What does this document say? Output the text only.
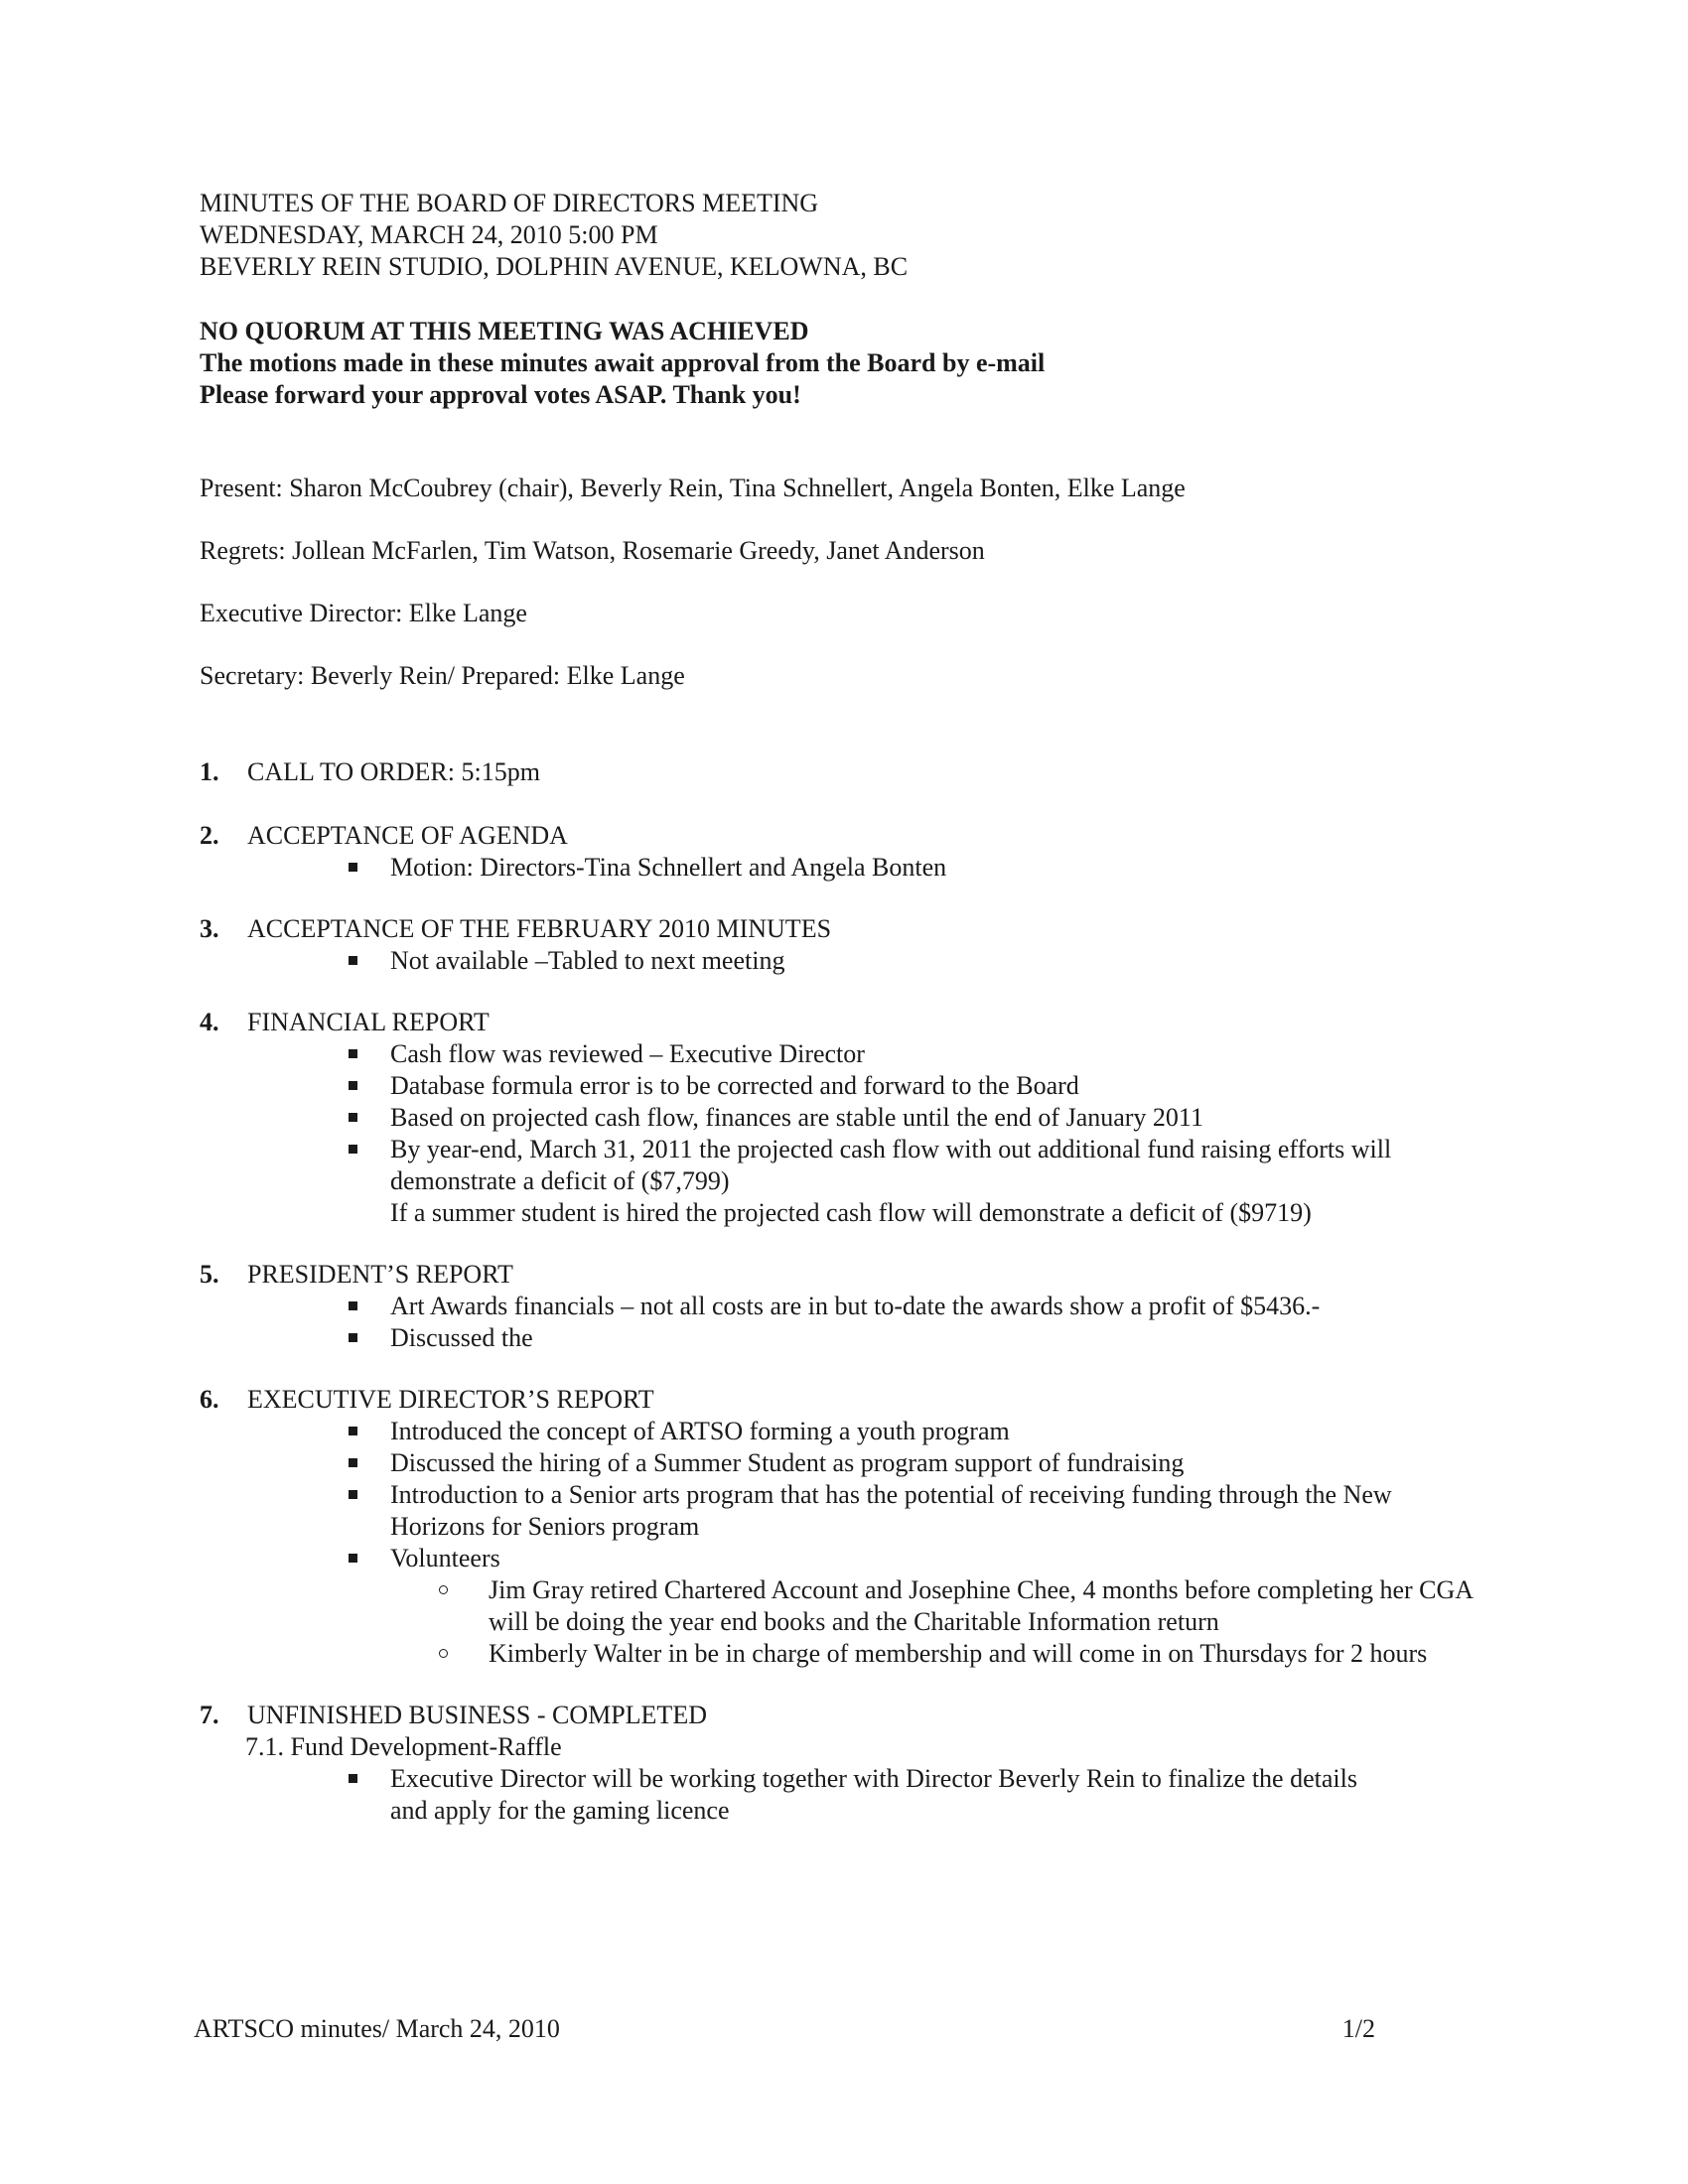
MINUTES OF THE BOARD OF DIRECTORS MEETING
WEDNESDAY, MARCH 24, 2010 5:00 PM
BEVERLY REIN STUDIO, DOLPHIN AVENUE, KELOWNA, BC
NO QUORUM AT THIS MEETING WAS ACHIEVED
The motions made in these minutes await approval from the Board by e-mail
Please forward your approval votes ASAP. Thank you!
Present: Sharon McCoubrey (chair), Beverly Rein, Tina Schnellert, Angela Bonten, Elke Lange
Regrets: Jollean McFarlen, Tim Watson, Rosemarie Greedy, Janet Anderson
Executive Director: Elke Lange
Secretary: Beverly Rein/ Prepared: Elke Lange
1.	CALL TO ORDER: 5:15pm
2.	ACCEPTANCE OF AGENDA
Motion: Directors-Tina Schnellert and Angela Bonten
3.	ACCEPTANCE OF THE FEBRUARY 2010 MINUTES
Not available –Tabled to next meeting
4.	FINANCIAL REPORT
Cash flow was reviewed – Executive Director
Database formula error is to be corrected and forward to the Board
Based on projected cash flow, finances are stable until the end of January 2011
By year-end, March 31, 2011 the projected cash flow with out additional fund raising efforts will demonstrate a deficit of ($7,799)
If a summer student is hired the projected cash flow will demonstrate a deficit of ($9719)
5.	PRESIDENT’S REPORT
Art Awards financials – not all costs are in but to-date the awards show a profit of $5436.-
Discussed the
6.	EXECUTIVE DIRECTOR’S REPORT
Introduced the concept of ARTSO forming a youth program
Discussed the hiring of a Summer Student as program support of fundraising
Introduction to a Senior arts program that has the potential of receiving funding through the New Horizons for Seniors program
Volunteers
Jim Gray retired Chartered Account and Josephine Chee, 4 months before completing her CGA will be doing the year end books and the Charitable Information return
Kimberly Walter in be in charge of membership and will come in on Thursdays for 2 hours
7.	UNFINISHED BUSINESS - COMPLETED
7.1. Fund Development-Raffle
Executive Director will be working together with Director Beverly Rein to finalize the details and apply for the gaming licence
ARTSCO minutes/ March 24, 2010	1/2
